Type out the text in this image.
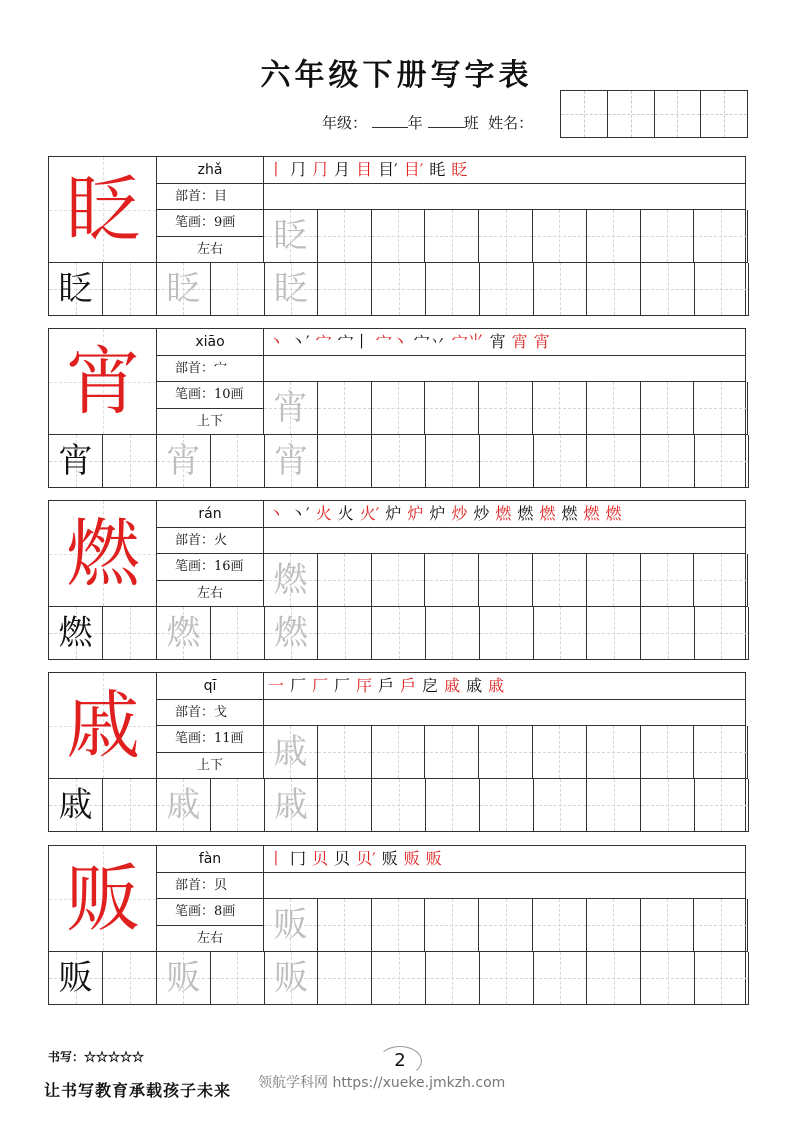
六年级下册写字表
年级：	年	班 姓名：
眨	zhǎ
部首：目
笔画：9画
左右
丨 ⺆ ⺆ 月 目 目′ 目′ 眊 眨
眨
眨 眨 眨
宵	xiāo
部首：宀
笔画：10画
上下
丶 丶′ 宀 宀丨 宀丶 宀丷 宀⺌ 宵 宵 宵
宵
宵 宵 宵
燃	rán
部首：火
笔画：16画
左右
丶 丶′ 火 火 火′ 炉 炉 炉 炒 炒 燃 燃 燃 燃 燃 燃
燃
燃 燃 燃
戚	qī
部首：戈
笔画：11画
上下
一 厂 厂 厂 厈 戶 戶 戹 戚 戚 戚
戚
戚 戚 戚
贩	fàn
部首：贝
笔画：8画
左右
丨 冂 贝 贝 贝′ 贩 贩 贩
贩
贩 贩 贩
书写：☆☆☆☆☆
让书写教育承载孩子未来
2
领航学科网 https://xueke.jmkzh.com
